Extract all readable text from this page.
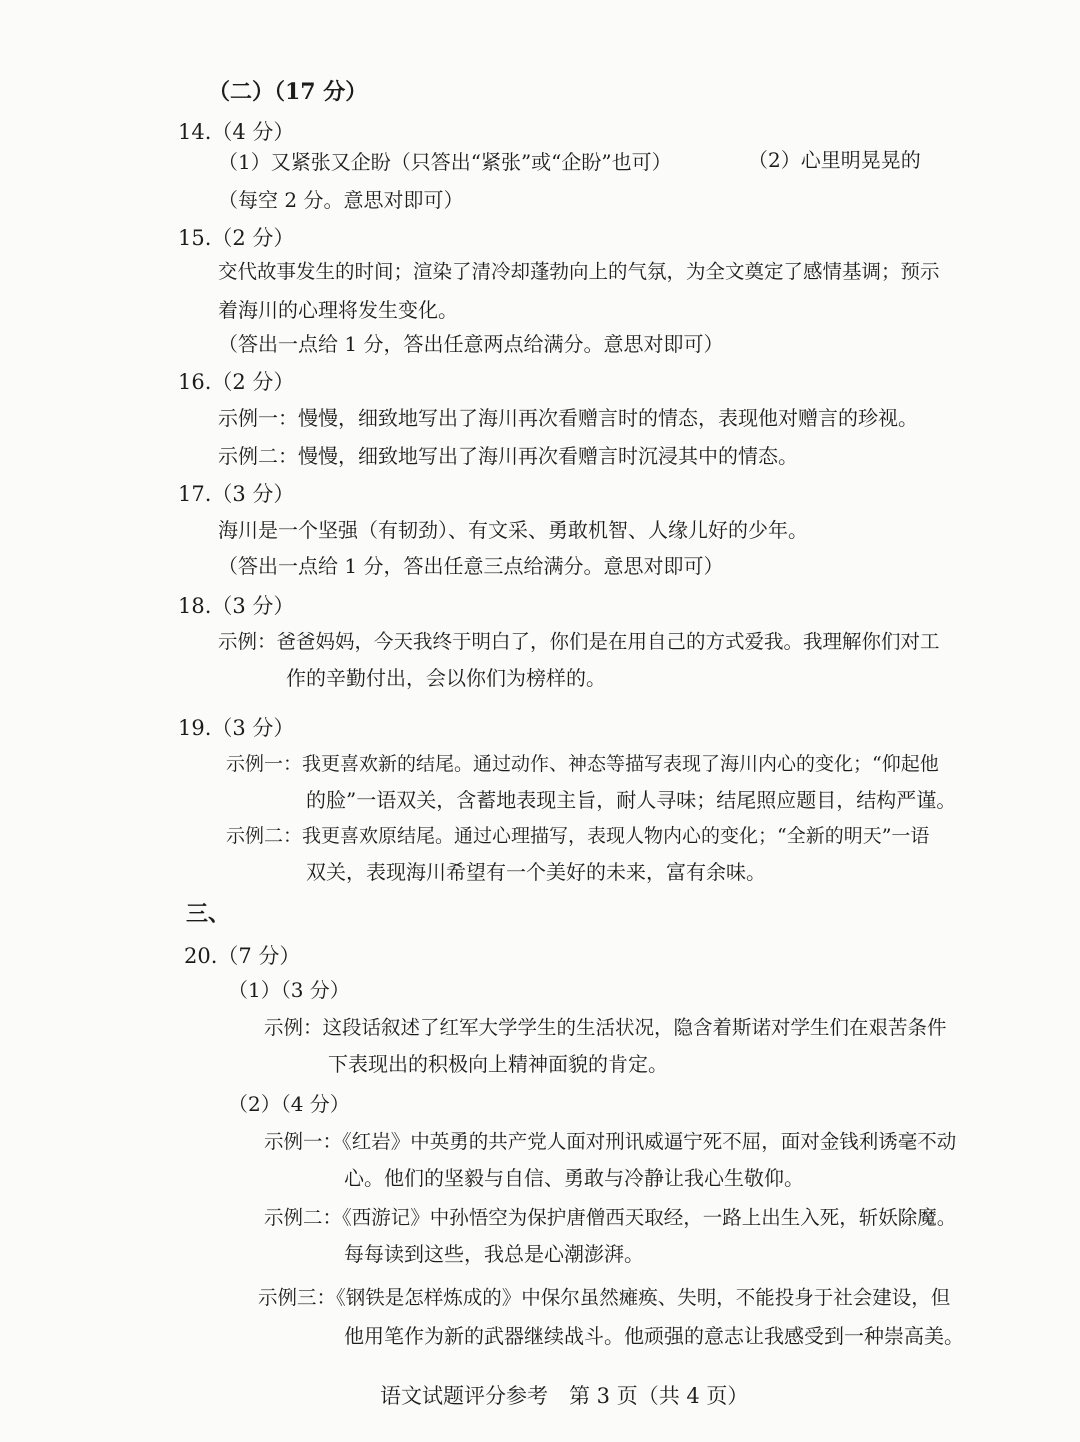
（二）（17 分）
14.（4 分）
（1）又紧张又企盼（只答出“紧张”或“企盼”也可）	（2）心里明晃晃的
（每空 2 分。意思对即可）
15.（2 分）
交代故事发生的时间；渲染了清冷却蓬勃向上的气氛，为全文奠定了感情基调；预示
着海川的心理将发生变化。
（答出一点给 1 分，答出任意两点给满分。意思对即可）
16.（2 分）
示例一：慢慢，细致地写出了海川再次看赠言时的情态，表现他对赠言的珍视。
示例二：慢慢，细致地写出了海川再次看赠言时沉浸其中的情态。
17.（3 分）
海川是一个坚强（有韧劲）、有文采、勇敢机智、人缘儿好的少年。
（答出一点给 1 分，答出任意三点给满分。意思对即可）
18.（3 分）
示例：爸爸妈妈，今天我终于明白了，你们是在用自己的方式爱我。我理解你们对工
作的辛勤付出，会以你们为榜样的。
19.（3 分）
示例一：我更喜欢新的结尾。通过动作、神态等描写表现了海川内心的变化；“仰起他
的脸”一语双关，含蓄地表现主旨，耐人寻味；结尾照应题目，结构严谨。
示例二：我更喜欢原结尾。通过心理描写，表现人物内心的变化；“全新的明天”一语
双关，表现海川希望有一个美好的未来，富有余味。
三、
20.（7 分）
（1）（3 分）
示例：这段话叙述了红军大学学生的生活状况，隐含着斯诺对学生们在艰苦条件
下表现出的积极向上精神面貌的肯定。
（2）（4 分）
示例一：《红岩》中英勇的共产党人面对刑讯威逼宁死不屈，面对金钱利诱毫不动
心。他们的坚毅与自信、勇敢与冷静让我心生敬仰。
示例二：《西游记》中孙悟空为保护唐僧西天取经，一路上出生入死，斩妖除魔。
每每读到这些，我总是心潮澎湃。
示例三：《钢铁是怎样炼成的》中保尔虽然瘫痪、失明，不能投身于社会建设，但
他用笔作为新的武器继续战斗。他顽强的意志让我感受到一种崇高美。
语文试题评分参考　第 3 页（共 4 页）
